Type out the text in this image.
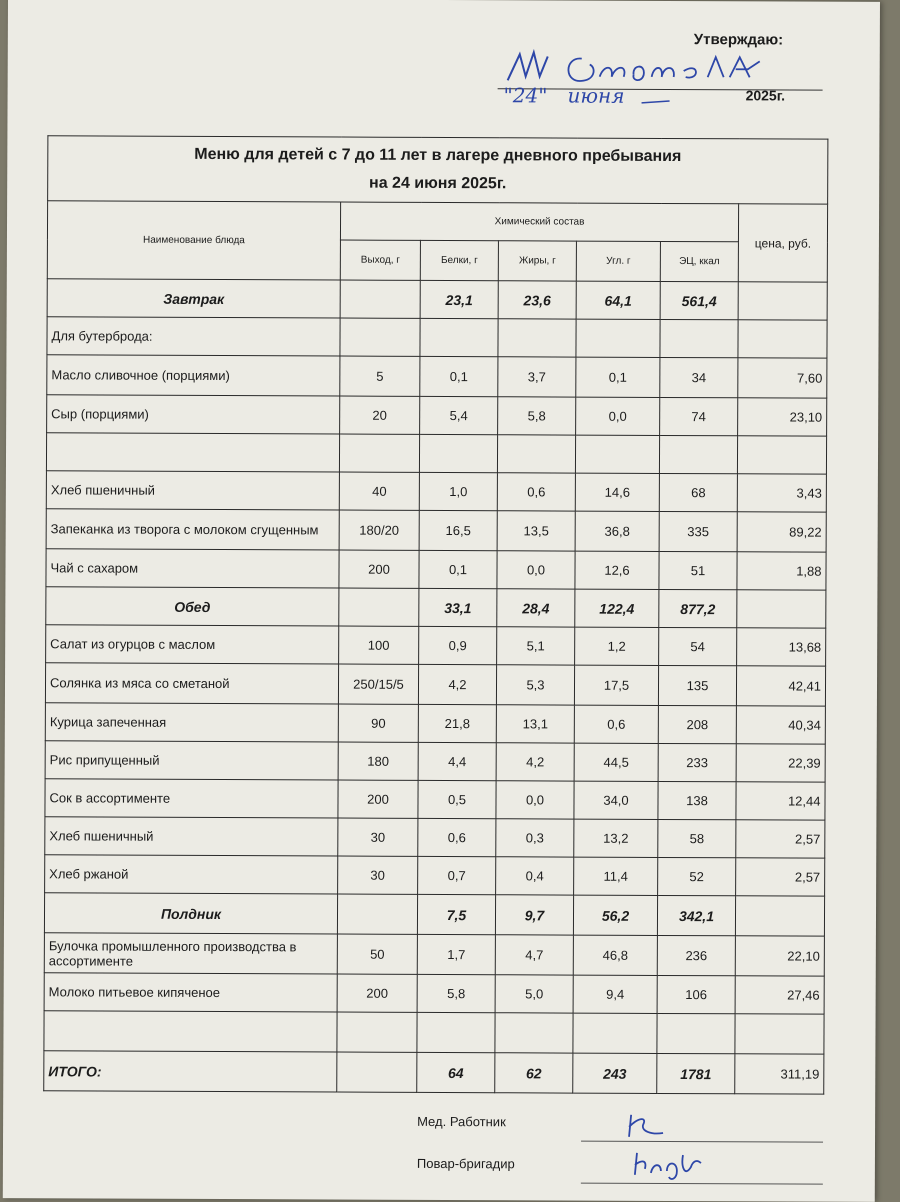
Утверждаю:
"24" июня	2025г.
Меню для детей с 7 до 11 лет в лагере дневного пребывания
на 24 июня 2025г.						

Наименование блюда	Химический состав					цена, руб.
	Выход, г	Белки, г	Жиры, г	Угл. г	ЭЦ, ккал	
Завтрак		23,1	23,6	64,1	561,4	
Для бутерброда:						
Масло сливочное (порциями)	5	0,1	3,7	0,1	34	7,60
Сыр (порциями)	20	5,4	5,8	0,0	74	23,10

Хлеб пшеничный	40	1,0	0,6	14,6	68	3,43
Запеканка из творога с молоком сгущенным	180/20	16,5	13,5	36,8	335	89,22
Чай с сахаром	200	0,1	0,0	12,6	51	1,88
Обед		33,1	28,4	122,4	877,2	
Салат из огурцов с маслом	100	0,9	5,1	1,2	54	13,68
Солянка из мяса со сметаной	250/15/5	4,2	5,3	17,5	135	42,41
Курица запеченная	90	21,8	13,1	0,6	208	40,34
Рис припущенный	180	4,4	4,2	44,5	233	22,39
Сок в ассортименте	200	0,5	0,0	34,0	138	12,44
Хлеб пшеничный	30	0,6	0,3	13,2	58	2,57
Хлеб ржаной	30	0,7	0,4	11,4	52	2,57
Полдник		7,5	9,7	56,2	342,1	
Булочка промышленного производства в ассортименте	50	1,7	4,7	46,8	236	22,10
Молоко питьевое кипяченое	200	5,8	5,0	9,4	106	27,46

ИТОГО:		64	62	243	1781	311,19
Мед. Работник
Повар-бригадир
